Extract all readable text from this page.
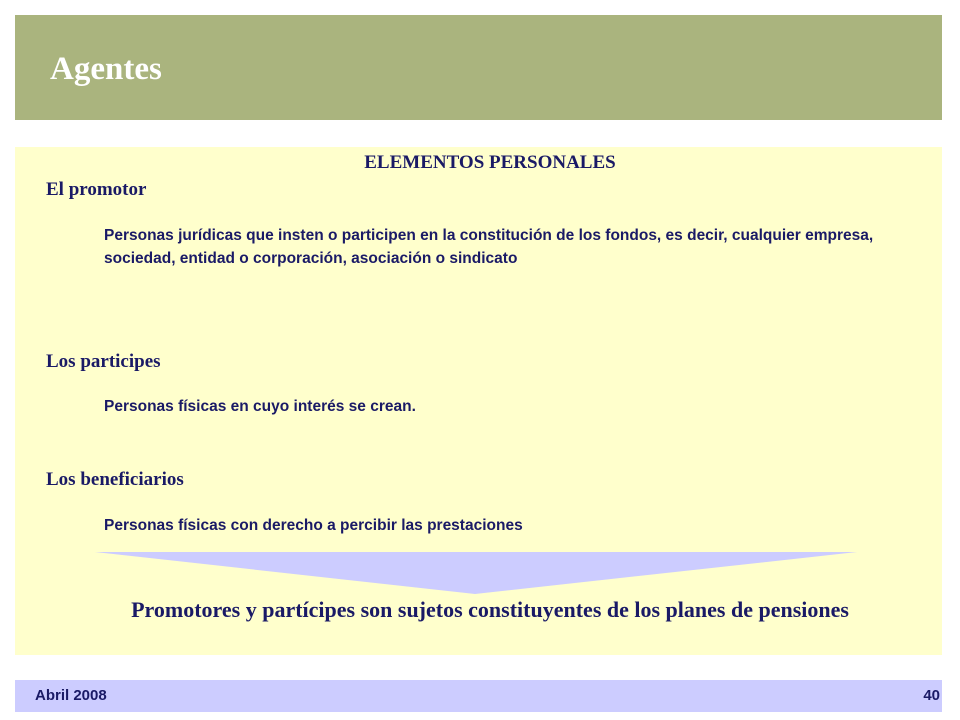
Agentes
ELEMENTOS PERSONALES
El promotor
Personas jurídicas que insten o participen en la constitución de los fondos, es decir, cualquier empresa, sociedad, entidad o corporación, asociación o sindicato
Los participes
Personas físicas en cuyo interés se crean.
Los beneficiarios
Personas físicas con derecho a percibir las prestaciones
Promotores y partícipes son sujetos constituyentes de los planes de pensiones
Abril 2008	40
